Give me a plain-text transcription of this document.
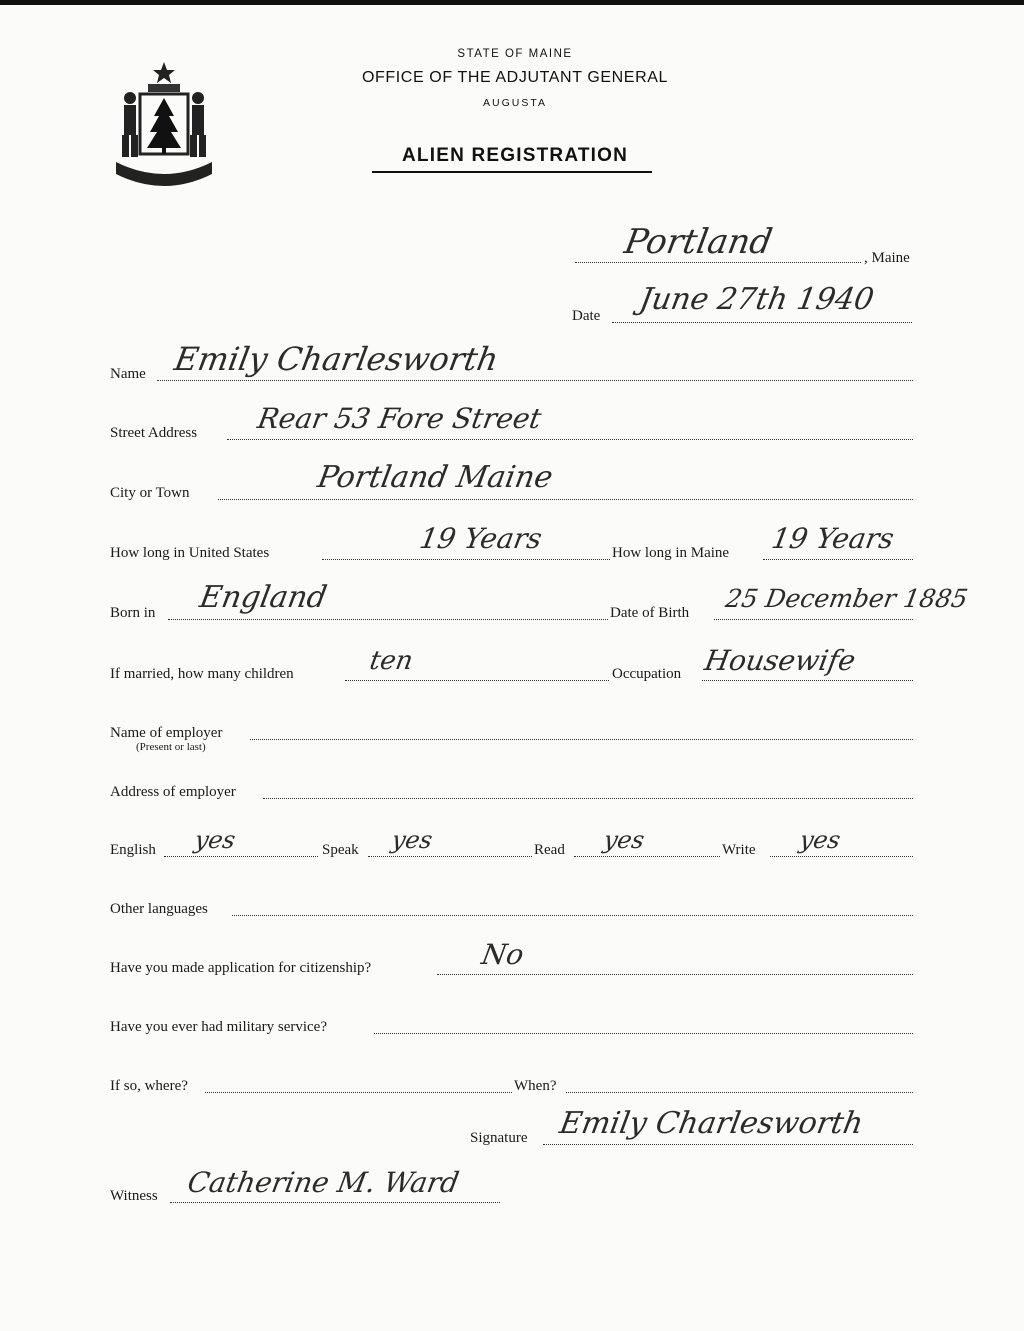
STATE OF MAINE
OFFICE OF THE ADJUTANT GENERAL
AUGUSTA
ALIEN REGISTRATION
Portland	, Maine
Date June 27th 1940
Name Emily Charlesworth
Street Address Rear 53 Fore Street
City or Town	Portland Maine
How long in United States	19 Years	How long in Maine 19 Years
Born in England	Date of Birth 25 December 1885
If married, how many children	ten	Occupation Housewife
Name of employer
(Present or last)
Address of employer
English yes	Speak yes	Read yes	Write yes
Other languages
Have you made application for citizenship?	No
Have you ever had military service?
If so, where?	When?
Signature Emily Charlesworth
Witness Catherine M. Ward
